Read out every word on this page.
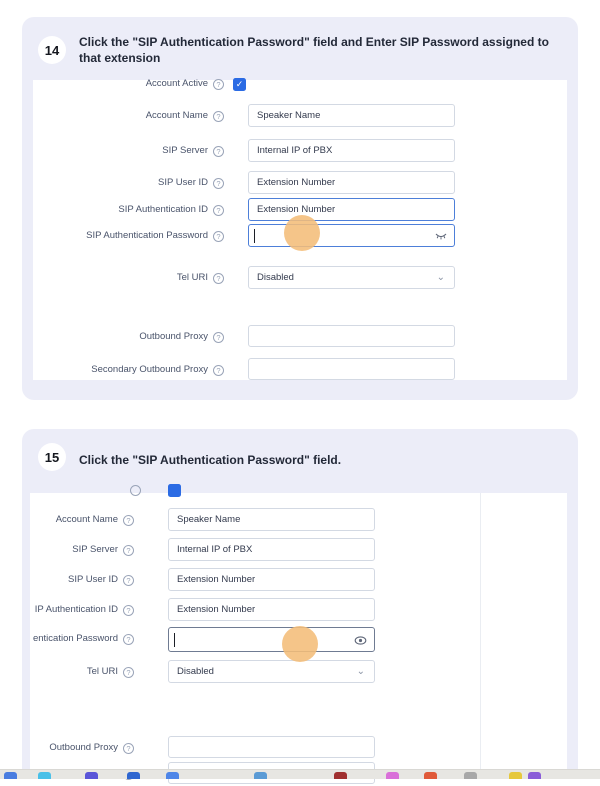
14
Click the "SIP Authentication Password" field and Enter SIP Password assigned to that extension
Account Active ?	✓
Account Name ?	Speaker Name
SIP Server ?	Internal IP of PBX
SIP User ID ?	Extension Number
SIP Authentication ID ?	Extension Number
SIP Authentication Password ?
Tel URI ?	Disabled	⌄
Outbound Proxy ?
Secondary Outbound Proxy ?
15	Click the "SIP Authentication Password" field.
Account Name ?	Speaker Name
SIP Server ?	Internal IP of PBX
SIP User ID ?	Extension Number
IP Authentication ID ?	Extension Number
entication Password ?
Tel URI ?	Disabled	⌄
Outbound Proxy ?
